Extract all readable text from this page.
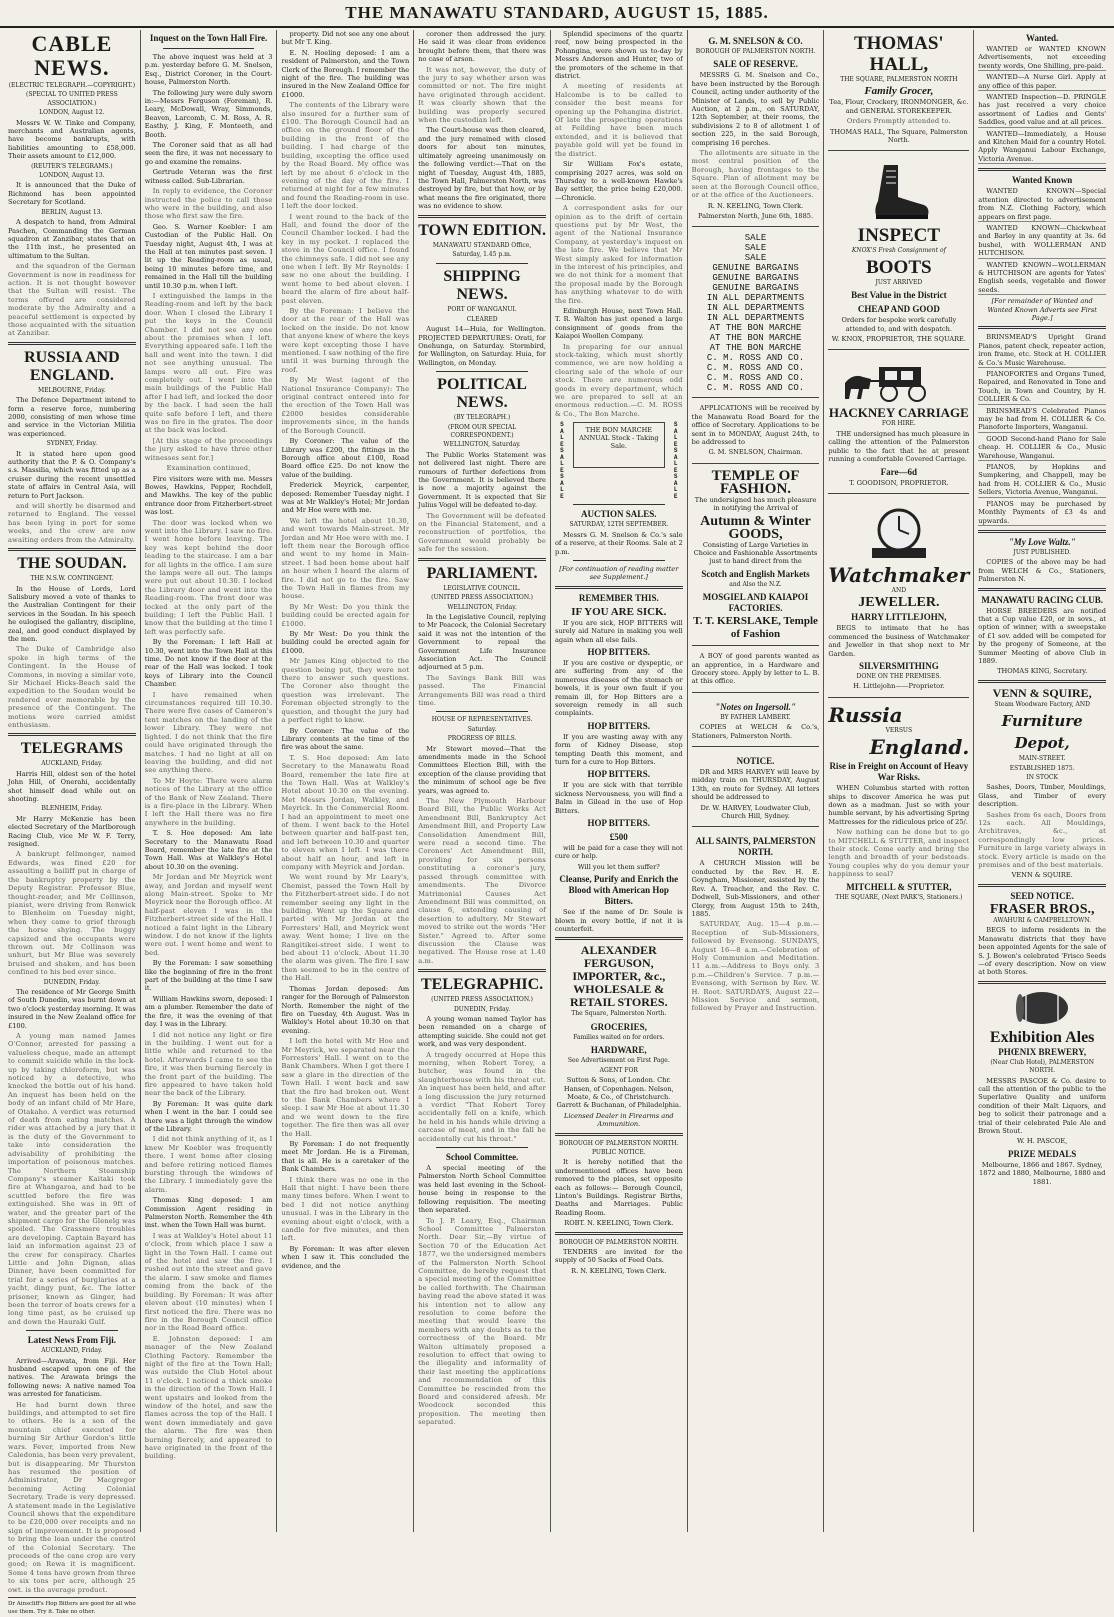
THE MANAWATU STANDARD, AUGUST 15, 1885.
CABLE NEWS.
(ELECTRIC TELEGRAPH.—COPYRIGHT.)
(SPECIAL TO UNITED PRESS ASSOCIATION.)
LONDON, August 12.

Messrs W. W. Tinke and Company, merchants and Australian agents, have become bankrupts, with liabilities amounting to £58,000. Their assets amount to £12,000.

(REUTER'S TELEGRAMS.)
LONDON, August 13.

It is announced that the Duke of Richmond has been appointed Secretary for Scotland.

BERLIN, August 13.

A despatch to hand, from Admiral Paschen, Commanding the German squadron at Zanzibar, states that on the 11th inst., he presented an ultimatum to the Sultan.

and the squadron of the German Government is now in readiness for action. It is not thought however that the Sultan will resist. The terms offered are considered moderate by the Admiralty and a peaceful settlement is expected by those acquainted with the situation at Zanzibar.

RUSSIA AND ENGLAND.
MELBOURNE, Friday.

The Defence Department intend to form a reserve force, numbering 2000, consisting of men whose time and service in the Victorian Militia was experienced.

SYDNEY, Friday.

It is stated here upon good authority that the P. & O. Company's s.s. Massilia, which was fitted up as a cruiser during the recent unsettled state of affairs in Central Asia, will return to Port Jackson.

and will shortly be disarmed and returned to England. The vessel has been lying in port for some weeks, and the crew are now awaiting orders from the Admiralty.

THE SOUDAN.
THE N.S.W. CONTINGENT.

In the House of Lords, Lord Salisbury moved a vote of thanks to the Australian Contingent for their services in the Soudan. In his speech he eulogised the gallantry, discipline, zeal, and good conduct displayed by the men.

The Duke of Cambridge also spoke in high terms of the Contingent. In the House of Commons, in moving a similar vote, Sir Michael Hicks-Beach said the expedition to the Soudan would be rendered ever memorable by the presence of the Contingent. The motions were carried amidst enthusiasm.

TELEGRAMS
AUCKLAND, Friday.

Harris Hill, oldest son of the hotel John Hill, of Onerahi, accidentally shot himself dead while out on shooting.

BLENHEIM, Friday.

Mr Harry McKenzie has been elected Secretary of the Marlborough Racing Club, vice Mr W. F. Terry, resigned.

A bankrupt fellmonger, named Edwards, was fined £20 for assaulting a bailiff put in charge of the bankruptcy property by the Deputy Registrar. Professor Blue, thought-reader, and Mr Collinson, pianist, were driving from Renwick to Blenheim on Tuesday night, when they came to grief through the horse shying. The buggy capsized and the occupants were thrown out. Mr Collinson was unhurt, but Mr Blue was severely bruised and shaken, and has been confined to his bed ever since.

DUNEDIN, Friday.

The residence of Mr George Smith of South Dunedin, was burnt down at two o'clock yesterday morning. It was insured in the New Zealand office for £100.

A young man named James O'Connor, arrested for passing a valueless cheque, made an attempt to commit suicide while in the lock-up by taking chloroform, but was noticed by a detective, who knocked the bottle out of his hand. An inquest has been held on the body of an infant child of Mr Hare, of Otakaho. A verdict was returned of death from eating matches. A rider was attached by a jury that it is the duty of the Government to take into consideration the advisability of prohibiting the importation of poisonous matches. The Northern Steamship Company's steamer Kaitaki took fire at Whangaroa, and had to be scuttled before the fire was extinguished. She was in 9ft of water, and the greater part of the shipment cargo for the Glenelg was spoiled. The Grassmere troubles are developing. Captain Bayard has laid an information against 23 of the crew for conspiracy. Charles Little and John Dignan, alias Dinner, have been committed for trial for a series of burglaries at a yacht, dingy punt, &c. The latter prisoner, known as Ginger, had been the terror of boats crews for a long time past, as he cruised up and down the Hauraki Gulf.

Latest News From Fiji.
AUCKLAND, Friday.

Arrived—Arawata, from Fiji. Her husband escaped upon one of the natives. The Arawata brings the following news: A native named Toa was arrested for fanaticism.

He had burnt down three buildings, and attempted to set fire to others. He is a son of the mountain chief executed for burning Sir Arthur Gordon's little wars. Fever, imported from New Caledonia, has been very prevalent, but is disappearing. Mr Thurston has resumed the position of Administrator, Dr Macgregor becoming Acting Colonial Secretary. Trade is very depressed. A statement made in the Legislative Council shows that the expenditure to be £20,000 over receipts and no sign of improvement. It is proposed to bring the loan under the control of the Colonial Secretary. The proceeds of the cane crop are very good; on Rewa it is magnificent. Some 4 tons have grown from three to six tons per acre, although 25 owt. is the average product.

Dr Ainscliff's Hop Bitters are good for all who use them. Try it. Take no other.
Inquest on the Town Hall Fire.

The above inquest was held at 3 p.m. yesterday before G. M. Snelson, Esq., District Coroner, in the Court-house, Palmerston North.

The following jury were duly sworn in:—Messrs Ferguson (Foreman), R. Leary, McDowall, Wray, Simmonds, Beaven, Larcomb, C. M. Ross, A. R. Easthy, J. King, F. Monteeth, and Booth.

The Coroner said that as all had seen the fire, it was not necessary to go and examine the remains.

Gertrude Veteran was the first witness called. Sub-Librarian.

In reply to evidence, the Coroner instructed the police to call those who were in the building, and also those who first saw the fire.

Geo. S. Warner Koebler: I am Custodian of the Public Hall. On Tuesday night, August 4th, I was at the Hall at ten minutes past seven. I lit up the Reading-room as usual, being 10 minutes before time, and remained in the Hall till the building until 10.30 p.m. when I left.

I extinguished the lamps in the Reading-room and left by the back door. When I closed the Library I put the keys in the Council Chamber. I did not see any one about the premises when I left. Everything appeared safe. I left the hall and went into the town. I did not see anything unusual. The lamps were all out. Fire was completely out. I went into the main buildings of the Public Hall after I had left, and locked the door by the back. I had seen the hall quite safe before I left, and there was no fire in the grates. The door at the back was locked.

[At this stage of the proceedings the jury asked to have three other witnesses sent for.]

Examination continued,

Fire visitors were with me. Messrs Bowes, Hawkins, Pepper, Rochdell, and Mawkhs. The key of the public entrance door from Fitzherbert-street was lost.

The door was locked when we went into the Library. I saw no fire. I went home before leaving. The key was kept behind the door leading to the staircase. I am a bar for all lights in the office. I am sure the lamps were all out. The lamps were put out about 10.30. I locked the Library door and went into the Reading-room. The front door was locked at the only part of the building; I left the Public Hall. I know that the building at the time I left was perfectly safe.

By the Foreman: I left Hall at 10.30, went into the Town Hall at this time. Do not know if the door at the rear of the Hall was locked. I took keys of Library into the Council Chamber.

I have remained when circumstances required till 10.30. There were five cases of Cameron's tent matches on the landing of the lower Library. They were not lighted. I do not think that the fire could have originated through the matches. I had no light at all on leaving the building, and did not see anything there.

To Mr Hoyte: There were alarm notices of the Library at the office of the Bank of New Zealand. There is a fire-place in the Library. When I left the Hall there was no fire anywhere in the building.

T. S. Hoe deposed: Am late Secretary to the Manawatu Road Board, remember the late fire at the Town Hall. Was at Walkley's Hotel about 10.30 on the evening.

Mr Jordan and Mr Meyrick went away, and Jordan and myself went along Main-street. Spoke to Mr Meyrick near the Borough office. At half-past eleven I was in the Fitzherbert-street side of the Hall. I noticed a faint light in the Library window. I do not know if the lights were out. I went home and went to bed.

By the Foreman: I saw something like the beginning of fire in the front part of the building at the time I saw it.

William Hawkins sworn, deposed: I am a plumber. Remember the date of the fire, it was the evening of that day. I was in the Library.

I did not notice any light or fire in the building. I went out for a little while and returned to the hotel. Afterwards I came to see the fire, it was then burning fiercely in the front part of the building. The fire appeared to have taken hold near the back of the Library.

By Foreman: It was quite dark when I went in the bar. I could see there was a light through the window of the Library.

I did not think anything of it, as I knew Mr Koebler was frequently there. I went home after closing and before retiring noticed flames bursting through the windows of the Library. I immediately gave the alarm.

Thomas King deposed: I am Commission Agent residing in Palmerston North. Remember the 4th inst. when the Town Hall was burnt.

I was at Walkley's Hotel about 11 o'clock, from which place I saw a light in the Town Hall. I came out of the hotel and saw the fire. I rushed out into the street and gave the alarm. I saw smoke and flames coming from the back of the building. By Foreman: It was after eleven about (10 minutes) when I first noticed the fire. There was no fire in the Borough Council office nor in the Road Board office.

E. Johnston deposed: I am manager of the New Zealand Clothing Factory. Remember the night of the fire at the Town Hall; was outside the Club Hotel about 11 o'clock. I noticed a thick smoke in the direction of the Town Hall. I went upstairs and looked from the window of the hotel, and saw the flames across the top of the Hall. I went down immediately and gave the alarm. The fire was then burning fiercely, and appeared to have originated in the front of the building.

property. Did not see any one about but Mr T. King.

E. N. Hoeling deposed: I am a resident of Palmerston, and the Town Clerk of the Borough. I remember the night of the fire. The building was insured in the New Zealand Office for £1000.

The contents of the Library were also insured for a further sum of £100. The Borough Council had an office on the ground floor of the building in the front of the building. I had charge of the building, excepting the office used by the Road Board. My office was left by me about 6 o'clock in the evening of the day of the fire. I returned at night for a few minutes and found the Reading-room in use. I left the door locked.

I went round to the back of the Hall, and found the door of the Council Chamber locked. I had the key in my pocket. I replaced the stove in the Council office. I found the chimneys safe. I did not see any one when I left. By Mr Reynolds: I saw no one about the building. I went home to bed about eleven. I heard the alarm of fire about half-past eleven.

By the Foreman: I believe the door at the rear of the Hall was locked on the inside. Do not know that anyone knew of where the keys were kept excepting those I have mentioned. I saw nothing of the fire until it was burning through the roof.

By Mr West (agent of the National Insurance Company): The original contract entered into for the erection of the Town Hall was £2000 besides considerable improvements since, in the hands of the Borough Council.

By Coroner: The value of the Library was £200, the fittings in the Borough office about £100, Road Board office £25. Do not know the value of the building.

Frederick Meyrick, carpenter, deposed: Remember Tuesday night. I was at Mr Walkley's Hotel; Mr Jordan and Mr Hoe were with me.

We left the hotel about 10.30, and went towards Main-street. Mr Jordan and Mr Hoe were with me. I left them near the Borough office and went to my home in Main-street. I had been home about half an hour when I heard the alarm of fire. I did not go to the fire. Saw the Town Hall in flames from my house.

By Mr West: Do you think the building could be erected again for £1000.

By Mr West: Do you think the building could be erected again for £1000.

Mr James King objected to the question being put, they were not there to answer such questions. The Coroner also thought the question was irrelevant. The Foreman objected strongly to the question, and thought the jury had a perfect right to know.

By Coroner: The value of the Library contents at the time of the fire was about the same.

T. S. Hoe deposed: Am late Secretary to the Manawatu Road Board, remember the late fire at the Town Hall. Was at Walkley's Hotel about 10.30 on the evening. Met Messrs Jordan, Walkley, and Meyrick. In the Commercial Room. I had an appointment to meet one of them. I went back to the Hotel between quarter and half-past ten, and left between 10.30 and quarter to eleven when I left. I was there about half an hour, and left in company with Meyrick and Jordan.

We went round by Mr Leary's, Chemist, passed the Town Hall by the Fitzherbert-street side. I do not remember seeing any light in the building. Went up the Square and parted with Mr Jordan at the Forresters' Hall, and Meyrick went away. Went home; I live on the Rangitikei-street side. I went to bed about 11 o'clock. About 11.30 the alarm was given. The fire I saw then seemed to be in the centre of the Hall.

Thomas Jordan deposed: Am ranger for the Borough of Palmerston North. Remember the night of the fire on Tuesday, 4th August. Was in Walkley's Hotel about 10.30 on that evening.

I left the hotel with Mr Hoe and Mr Meyrick, we separated near the Forresters' Hall. I went on to the Bank Chambers. When I got there I saw a glare in the direction of the Town Hall. I went back and saw that the fire had broken out. Went to the Bank Chambers where I sleep. I saw Mr Hoe at about 11.30 and we went down to the fire together. The fire then was all over the Hall.

By Foreman: I do not frequently meet Mr Jordan. He is a Fireman, that is all. He is a caretaker of the Bank Chambers.

I think there was no one in the Hall that night. I have been there many times before. When I went to bed I did not notice anything unusual. I was in the Library in the evening about eight o'clock, with a candle for five minutes, and then left.

By Foreman: It was after eleven when I saw it. This concluded the evidence, and the

coroner then addressed the jury. He said it was clear from evidence brought before them, that there was no case of arson.

It was not, however, the duty of the jury to say whether arson was committed or not. The fire might have originated through accident. It was clearly shown that the building was properly secured when the custodian left.

The Court-house was then cleared, and the jury remained with closed doors for about ten minutes, ultimately agreeing unanimously on the following verdict:—That on the night of Tuesday, August 4th, 1885, the Town Hall, Palmerston North, was destroyed by fire, but that how, or by what means the fire originated, there was no evidence to show.

TOWN EDITION.
MANAWATU STANDARD Office,
Saturday, 1.45 p.m.
SHIPPING NEWS.
PORT OF WANGANUI.
CLEARED

August 14—Huia, for Wellington. PROJECTED DEPARTURES: Orati, for Onehunga, on Saturday. Stormbird, for Wellington, on Saturday. Huia, for Wellington, on Monday.

POLITICAL NEWS.
(BY TELEGRAPH.)
(FROM OUR SPECIAL CORRESPONDENT.)
WELLINGTON, Saturday.

The Public Works Statement was not delivered last night. There are rumours of further defections from the Government. It is believed there is now a majority against the Government. It is expected that Sir Julius Vogel will be defeated to-day.

The Government will be defeated on the Financial Statement, and a reconstruction of portfolios, the Government would probably be safe for the session.

PARLIAMENT.
LEGISLATIVE COUNCIL.
(UNITED PRESS ASSOCIATION.)
WELLINGTON, Friday.

In the Legislative Council, replying to Mr Peacock, the Colonial Secretary said it was not the intention of the Government to repeal the Government Life Insurance Association Act. The Council adjourned at 5 p.m.

The Savings Bank Bill was passed. The Financial Arrangements Bill was read a third time.

HOUSE OF REPRESENTATIVES.
Saturday.
PROGRESS OF BILLS.

Mr Stewart moved—That the amendments made in the School Committees Election Bill, with the exception of the clause providing that the minimum of school age be five years, was agreed to.

The New Plymouth Harbour Board Bill, the Public Works Act Amendment Bill, Bankruptcy Act Amendment Bill, and Property Law Consolidation Amendment Bill, were read a second time. The Coroners' Act Amendment Bill, providing for six persons constituting a coroner's jury, passed through committee with amendments. The Divorce Matrimonial Causes Act Amendment Bill was committed, on clause 6, extending causing of desertion to adultery. Mr Stewart moved to strike out the words "Her Sister." Agreed to. After some discussion the Clause was negatived. The House rose at 1.40 a.m.

TELEGRAPHIC.
(UNITED PRESS ASSOCIATION.)
DUNEDIN, Friday.

A young woman named Taylor has been remanded on a charge of attempting suicide. She could not get work, and was very despondent.

A tragedy occurred at Hope this morning, when Robert Torey, a butcher, was found in the slaughterhouse with his throat cut. An inquest has been held, and after a long discussion the jury returned a verdict "That Robert Torey accidentally fell on a knife, which he held in his hands while driving a carcase of meat, and in the fall he accidentally cut his throat."

School Committee.

A special meeting of the Palmerston North School Committee was held last evening in the School-house being in response to the following requisition. The meeting then separated.

To J. P. Leary, Esq., Chairman School Committee Palmerston North. Dear Sir,—By virtue of Section 70 of the Education Act 1877, we the undersigned members of the Palmerston North School Committee, do hereby request that a special meeting of the Committee be called forthwith. The Chairman having read the above stated it was his intention not to allow any resolution to come before the meeting that would leave the members with any doubts as to the correctness of the Board. Mr Walton ultimately proposed a resolution to effect that owing to the illegality and informality of their last meeting the applications and recommendation of this Committee be rescinded from the Board and considered afresh. Mr Woodcock seconded this proposition. The meeting then separated.

Splendid specimens of the quartz reef, now being prospected in the Pohangina, were shown us to-day by Messrs Anderson and Hunter, two of the promoters of the scheme in that district.

A meeting of residents at Halcombe is to be called to consider the best means for opening up the Pohangina district. Of late the prospecting operations at Feilding have been much extended, and it is believed that payable gold will yet be found in the district.

Sir William Fox's estate, comprising 2027 acres, was sold on Thursday to a well-known Hawke's Bay settler, the price being £20,000.—Chronicle.

A correspondent asks for our opinion as to the drift of certain questions put by Mr West, the agent of the National Insurance Company, at yesterday's inquest on the late fire. We believe that Mr West simply asked for information in the interest of his principles, and we do not think for a moment that the proposal made by the Borough has anything whatever to do with the fire.

Edinburgh House, next Town Hall. T. R. Walton has just opened a large consignment of goods from the Kaiapoi Woollen Company.

In preparing for our annual stock-taking, which must shortly commence, we are now holding a clearing sale of the whole of our stock. There are numerous odd goods in every department, which we are prepared to sell at an enormous reduction.—C. M. ROSS & Co., The Bon Marche.

S
A
L
E
S
A
L
E
S
A
L
E
THE BON MARCHE ANNUAL Stock - Taking Sale.
S
A
L
E
S
A
L
E
S
A
L
E
AUCTION SALES.
SATURDAY, 12TH SEPTEMBER.

Messrs G. M. Snelson & Co.'s sale of a reserve, at their Rooms. Sale at 2 p.m.

[For continuation of reading matter see Supplement.]

REMEMBER THIS.
IF YOU ARE SICK.

If you are sick, HOP BITTERS will surely aid Nature in making you well again when all else fails.

HOP BITTERS.

If you are costive or dyspeptic, or are suffering from any of the numerous diseases of the stomach or bowels, it is your own fault if you remain ill, for Hop Bitters are a sovereign remedy in all such complaints.

HOP BITTERS.

If you are wasting away with any form of Kidney Disease, stop tempting Death this moment, and turn for a cure to Hop Bitters.

HOP BITTERS.

If you are sick with that terrible sickness Nervousness, you will find a Balm in Gilead in the use of Hop Bitters.

HOP BITTERS.
£500

will be paid for a case they will not cure or help.

Will you let them suffer?

Cleanse, Purify and Enrich the Blood with American Hop Bitters.

See if the name of Dr. Soule is blown in every bottle, if not it is counterfeit.

ALEXANDER FERGUSON, IMPORTER, &c., WHOLESALE & RETAIL STORES.
The Square, Palmerston North.
GROCERIES,
Families waited on for orders.
HARDWARE,
See Advertisement on First Page.
AGENT FOR

Sutton & Sons, of London. Chr. Hansen, of Copenhagen. Nelson, Moate, & Co., of Christchurch. Garrett & Buchanan, of Philadelphia.

Licensed Dealer in Firearms and Ammunition.

BOROUGH OF PALMERSTON NORTH.
PUBLIC NOTICE.

It is hereby notified that the undermentioned offices have been removed to the places, set opposite each as follows:— Borough Council, Linton's Buildings. Registrar Births, Deaths and Marriages. Public Reading Room.

ROBT. N. KEELING, Town Clerk.

BOROUGH OF PALMERSTON NORTH.

TENDERS are invited for the supply of 50 Sacks of Feed Oats.

R. N. KEELING, Town Clerk.

G. M. SNELSON & CO.
BOROUGH OF PALMERSTON NORTH.
SALE OF RESERVE.

MESSRS G. M. Snelson and Co., have been instructed by the Borough Council, acting under authority of the Minister of Lands, to sell by Public Auction, at 2 p.m., on SATURDAY, 12th September, at their rooms, the subdivisions 2 to 8 of allotment 1 of section 225, in the said Borough, comprising 16 perches.

The allotments are situate in the most central position of the Borough, having frontages to the Square. Plan of allotment may be seen at the Borough Council office, or at the office of the Auctioneers.

R. N. KEELING, Town Clerk.

Palmerston North, June 6th, 1885.

SALE
SALE
SALE
GENUINE BARGAINS
GENUINE BARGAINS
GENUINE BARGAINS
IN ALL DEPARTMENTS
IN ALL DEPARTMENTS
IN ALL DEPARTMENTS
AT THE BON MARCHE
AT THE BON MARCHE
AT THE BON MARCHE
C. M. ROSS AND CO.
C. M. ROSS AND CO.
C. M. ROSS AND CO.
C. M. ROSS AND CO.

APPLICATIONS will be received by the Manawatu Road Board for the office of Secretary. Applications to be sent in to MONDAY, August 24th, to be addressed to

G. M. SNELSON, Chairman.

TEMPLE OF FASHION.

The undersigned has much pleasure in notifying the Arrival of

Autumn & Winter GOODS,

Consisting of Large Varieties in Choice and Fashionable Assortments just to hand direct from the

Scotch and English Markets
and Also the N.Z.
MOSGIEL AND KAIAPOI FACTORIES.
T. T. KERSLAKE, Temple of Fashion

A BOY of good parents wanted as an apprentice, in a Hardware and Grocery store. Apply by letter to L. B. at this office.

"Notes on Ingersoll."
BY FATHER LAMBERT.

COPIES at WELCH & Co.'s, Stationers, Palmerston North.

NOTICE.

DR and MRS HARVEY will leave by midday train on THURSDAY, August 13th, en route for Sydney. All letters should be addressed to

Dr. W. HARVEY, Loudwater Club, Church Hill, Sydney.

ALL SAINTS, PALMERSTON NORTH.

A CHURCH Mission will be conducted by the Rev. H. E. Goyngham, Missioner, assisted by the Rev. A. Treacher, and the Rev. C. Dodwell, Sub-Missioners, and other Clergy, from August 15th to 24th, 1885.

SATURDAY, Aug. 15—4 p.m.—Reception of Sub-Missioners, followed by Evensong. SUNDAYS, August 16—8 a.m.—Celebration of Holy Communion and Meditation. 11 a.m.—Address to Boys only. 3 p.m.—Children's Service. 7 p.m.—Evensong, with Sermon by Rev. W. H. Root. SATURDAYS, August 22—Mission Service and sermon, followed by Prayer and Instruction.

THOMAS' HALL,
THE SQUARE, PALMERSTON NORTH
Family Grocer,

Tea, Flour, Crockery, IRONMONGER, &c. and GENERAL STOREKEEPER.

Orders Promptly attended to.

THOMAS HALL, The Square, Palmerston North.

INSPECT
KNOX'S Fresh Consignment of
BOOTS
JUST ARRIVED
Best Value in the District
CHEAP AND GOOD

Orders for bespoke work carefully attended to, and with despatch.

W. KNOX, PROPRIETOR, THE SQUARE.

HACKNEY CARRIAGE
FOR HIRE.

THE undersigned has much pleasure in calling the attention of the Palmerston public to the fact that he at present running a comfortable Covered Carriage.

Fare—6d

T. GOODISON, PROPRIETOR.

Watchmaker
AND
JEWELLER.
HARRY LITTLEJOHN,

BEGS to intimate that he has commenced the business of Watchmaker and Jeweller in that shop next to Mr Garden.

SILVERSMITHING
DONE ON THE PREMISES.

H. Littlejohn——Proprietor.

Russia
VERSUS
England.
Rise in Freight on Account of Heavy War Risks.

WHEN Columbus started with rotten ships to discover America he was put down as a madman. Just so with your humble servant, by his advertising Spring Mattresses for the ridiculous price of 25/.

Now nothing can be done but to go to MITCHELL & STUTTER, and inspect their stock. Come early and bring the length and breadth of your bedsteads. Young couples why do you demur your happiness to seal?

MITCHELL & STUTTER,
THE SQUARE, (Next PARK'S, Stationers.)
Wanted.

WANTED or WANTED KNOWN Advertisements, not exceeding twenty words, One Shilling, pre-paid.

WANTED—A Nurse Girl. Apply at any office of this paper.

WANTED Inspection—D. PRINGLE has just received a very choice assortment of Ladies and Gents' Saddles, good value and at all prices.

WANTED—Immediately, a House and Kitchen Maid for a country Hotel. Apply Wanganui Labour Exchange, Victoria Avenue.

Wanted Known

WANTED KNOWN—Special attention directed to advertisement from N.Z. Clothing Factory, which appears on first page.

WANTED KNOWN—Chickwheat and Barley in any quantity at 3s. 6d bushel, with WOLLERMAN AND HUTCHISON.

WANTED KNOWN—WOLLERMAN & HUTCHISON are agents for Yates' English seeds, vegetable and flower seeds.

[For remainder of Wanted and Wanted Known Adverts see First Page.]

BRINSMEAD'S Upright Grand Pianos, patent check, repeater action, iron frame, etc. Stock at H. COLLIER & Co.'s Music Warehouse.

PIANOFORTES and Organs Tuned, Repaired, and Renovated in Tone and Touch, in Town and Country, by H. COLLIER & Co.

BRINSMEAD'S Celebrated Pianos may be had from H. COLLIER & Co. Pianoforte Importers, Wanganui.

GOOD Second-hand Piano for Sale cheap. H. COLLIER & Co., Music Warehouse, Wanganui.

PIANOS, by Hopkins and Sumpkering, and Chappell, may be had from H. COLLIER & Co., Music Sellers, Victoria Avenue, Wanganui.

PIANOS may be purchased by Monthly Payments of £3 4s and upwards.

"My Love Waltz."
JUST PUBLISHED.

COPIES of the above may be had from WELCH & Co., Stationers, Palmerston N.

MANAWATU RACING CLUB.

HORSE BREEDERS are notified that a Cup value £20, or in sovs., at option of winner, with a sweepstake of £1 sov. added will be competed for by the progeny of Someone, at the Summer Meeting of above Club in 1889.

THOMAS KING, Secretary.

VENN & SQUIRE,
Steam Woodware Factory, AND
Furniture Depot,
MAIN-STREET.
ESTABLISHED 1875.
IN STOCK

Sashes, Doors, Timber, Mouldings, Glass, and Timber of every description.

Sashes from 6s each, Doors from 12s each. All Mouldings, Architraves, &c., at correspondingly low prices. Furniture in large variety always in stock. Every article is made on the premises and of the best materials.

VENN & SQUIRE.

SEED NOTICE.
FRASER BROS.,
AWAHURI & CAMPBELLTOWN.

BEGS to inform residents in the Manawatu districts that they have been appointed Agents for the sale of S. J. Bowen's celebrated 'Frisco Seeds—of every description. Now on view at both Stores.

Exhibition Ales
PHŒNIX BREWERY,
(Near Club Hotel), PALMERSTON NORTH.

MESSRS PASCOE & Co. desire to call the attention of the public to the Superlative Quality and uniform condition of their Malt Liquors, and beg to solicit their patronage and a trial of their celebrated Pale Ale and Brown Stout.

W. H. PASCOE,

PRIZE MEDALS

Melbourne, 1866 and 1867. Sydney, 1872 and 1880, Melbourne, 1880 and 1881.
